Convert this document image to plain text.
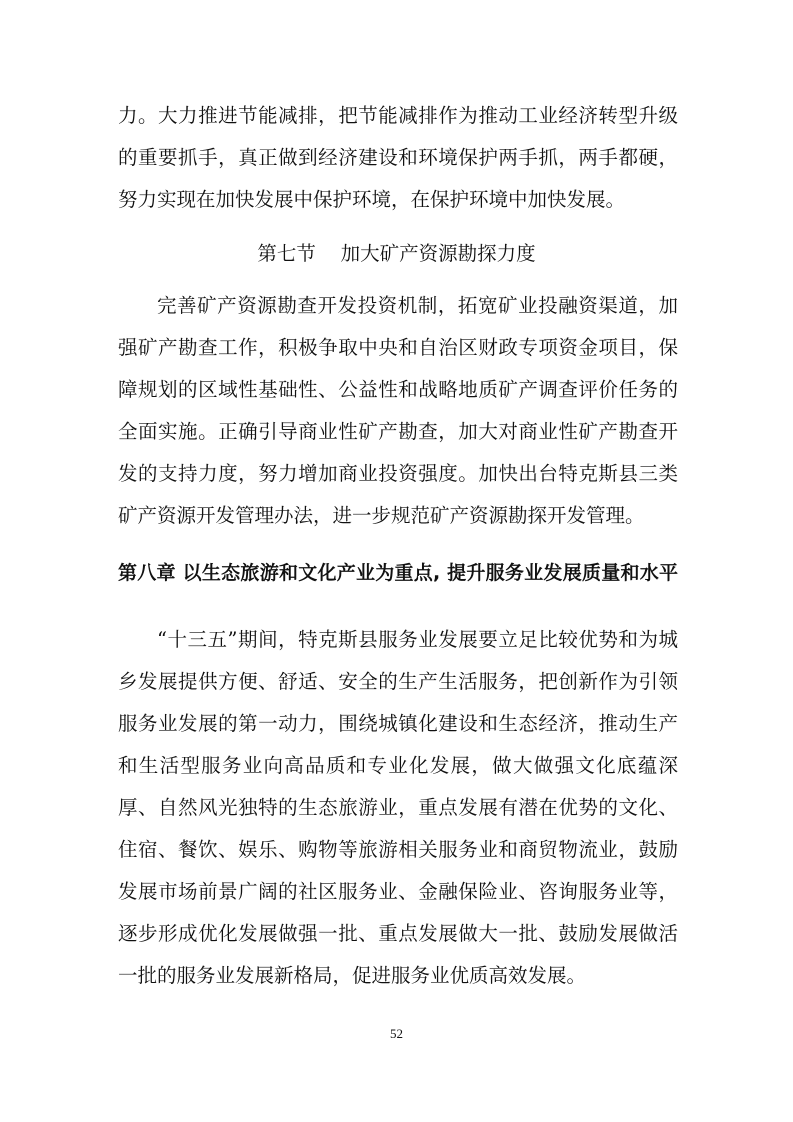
力。大力推进节能减排，把节能减排作为推动工业经济转型升级
的重要抓手，真正做到经济建设和环境保护两手抓，两手都硬，
努力实现在加快发展中保护环境，在保护环境中加快发展。
第七节    加大矿产资源勘探力度
完善矿产资源勘查开发投资机制，拓宽矿业投融资渠道，加
强矿产勘查工作，积极争取中央和自治区财政专项资金项目，保
障规划的区域性基础性、公益性和战略地质矿产调查评价任务的
全面实施。正确引导商业性矿产勘查，加大对商业性矿产勘查开
发的支持力度，努力增加商业投资强度。加快出台特克斯县三类
矿产资源开发管理办法，进一步规范矿产资源勘探开发管理。
第八章 以生态旅游和文化产业为重点, 提升服务业发展质量和水平
“十三五”期间，特克斯县服务业发展要立足比较优势和为城
乡发展提供方便、舒适、安全的生产生活服务，把创新作为引领
服务业发展的第一动力，围绕城镇化建设和生态经济，推动生产
和生活型服务业向高品质和专业化发展，做大做强文化底蕴深
厚、自然风光独特的生态旅游业，重点发展有潜在优势的文化、
住宿、餐饮、娱乐、购物等旅游相关服务业和商贸物流业，鼓励
发展市场前景广阔的社区服务业、金融保险业、咨询服务业等，
逐步形成优化发展做强一批、重点发展做大一批、鼓励发展做活
一批的服务业发展新格局，促进服务业优质高效发展。
52
